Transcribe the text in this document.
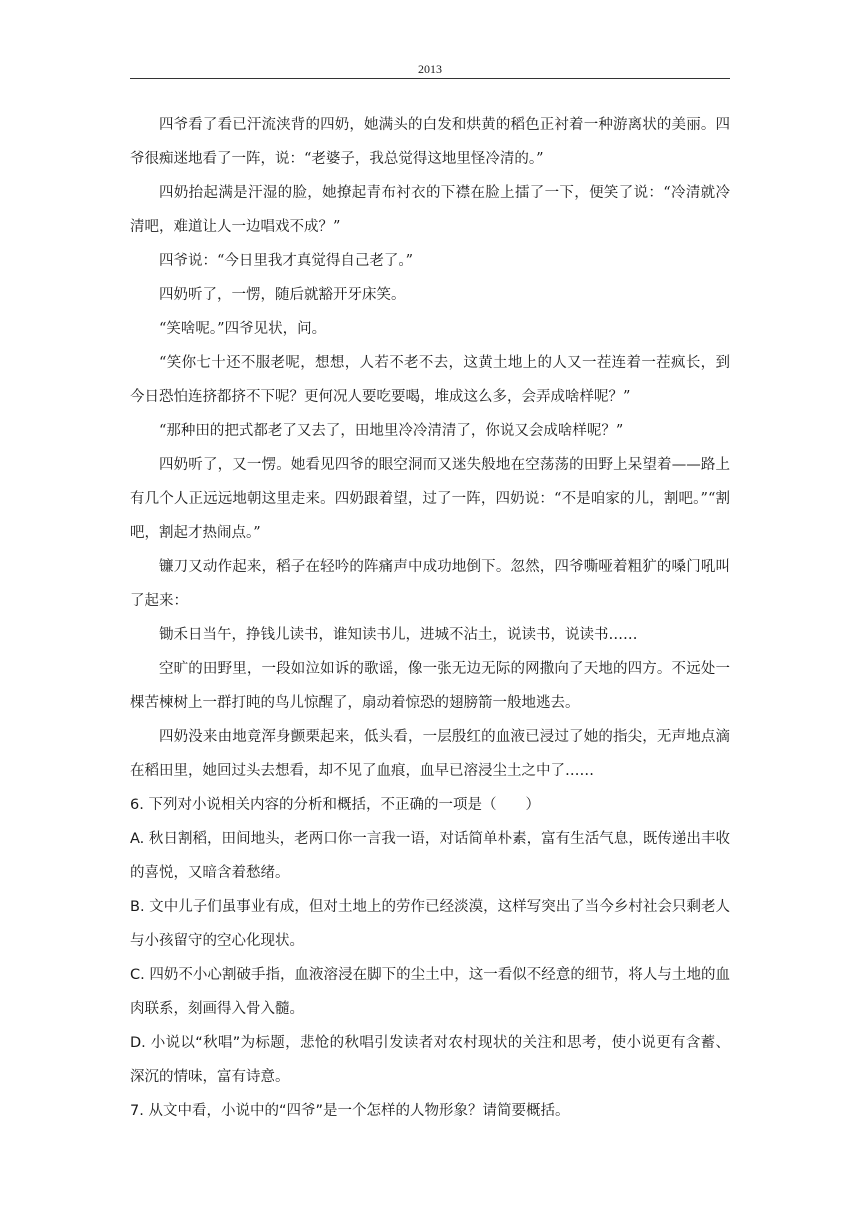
2013

四爷看了看已汗流浃背的四奶，她满头的白发和烘黄的稻色正衬着一种游离状的美丽。四爷很痴迷地看了一阵，说：“老婆子，我总觉得这地里怪冷清的。”

四奶抬起满是汗湿的脸，她撩起青布衬衣的下襟在脸上擂了一下，便笑了说：“冷清就冷清吧，难道让人一边唱戏不成？”

四爷说：“今日里我才真觉得自己老了。”

四奶听了，一愣，随后就豁开牙床笑。

“笑啥呢。”四爷见状，问。

“笑你七十还不服老呢，想想，人若不老不去，这黄土地上的人又一茬连着一茬疯长，到今日恐怕连挤都挤不下呢？更何况人要吃要喝，堆成这么多，会弄成啥样呢？”

“那种田的把式都老了又去了，田地里冷冷清清了，你说又会成啥样呢？”

四奶听了，又一愣。她看见四爷的眼空洞而又迷失般地在空荡荡的田野上呆望着——路上有几个人正远远地朝这里走来。四奶跟着望，过了一阵，四奶说：“不是咱家的儿，割吧。”“割吧，割起才热闹点。”

镰刀又动作起来，稻子在轻吟的阵痛声中成功地倒下。忽然，四爷嘶哑着粗犷的嗓门吼叫了起来：

锄禾日当午，挣钱儿读书，谁知读书儿，进城不沾土，说读书，说读书……

空旷的田野里，一段如泣如诉的歌谣，像一张无边无际的网撒向了天地的四方。不远处一棵苦楝树上一群打盹的鸟儿惊醒了，扇动着惊恐的翅膀箭一般地逃去。

四奶没来由地竟浑身颤栗起来，低头看，一层殷红的血液已浸过了她的指尖，无声地点滴在稻田里，她回过头去想看，却不见了血痕，血早已溶浸尘土之中了……

6. 下列对小说相关内容的分析和概括，不正确的一项是（　　）

A. 秋日割稻，田间地头，老两口你一言我一语，对话简单朴素，富有生活气息，既传递出丰收的喜悦，又暗含着愁绪。

B. 文中儿子们虽事业有成，但对土地上的劳作已经淡漠，这样写突出了当今乡村社会只剩老人与小孩留守的空心化现状。

C. 四奶不小心割破手指，血液溶浸在脚下的尘土中，这一看似不经意的细节，将人与土地的血肉联系，刻画得入骨入髓。

D. 小说以“秋唱”为标题，悲怆的秋唱引发读者对农村现状的关注和思考，使小说更有含蓄、深沉的情味，富有诗意。

7. 从文中看，小说中的“四爷”是一个怎样的人物形象？请简要概括。
